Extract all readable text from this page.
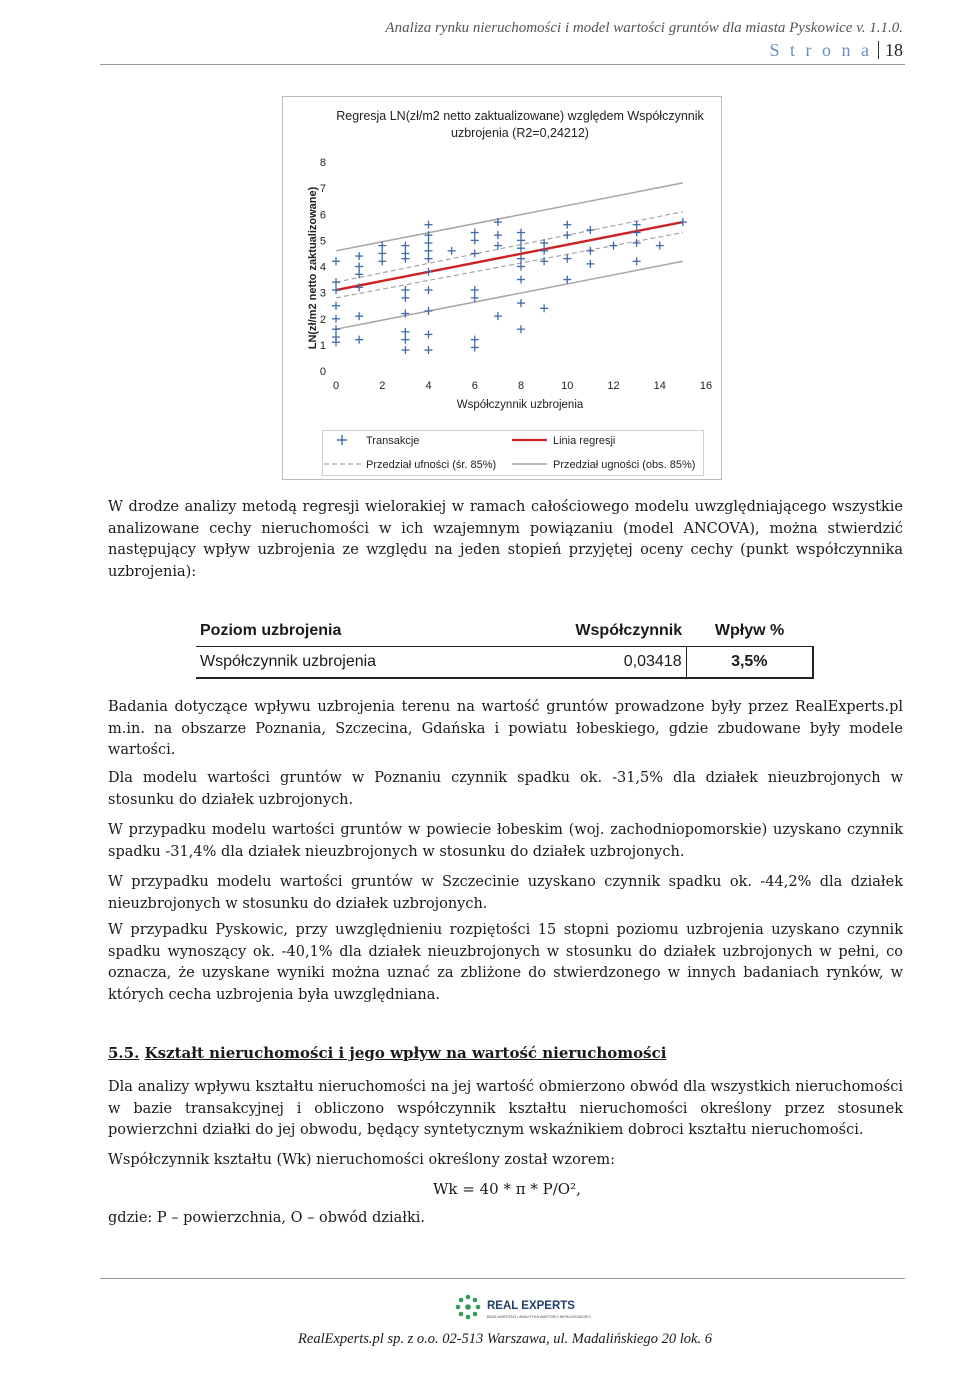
Analiza rynku nieruchomości i model wartości gruntów dla miasta Pyskowice v. 1.1.0.
S t r o n a 18
Regresja LN(zł/m2 netto zaktualizowane) względem Współczynnik uzbrojenia (R2=0,24212)
0
1
2
3
4
5
6
7
8
0	2	4	6	8	10	12	14	16
Współczynnik uzbrojenia
LN(zł/m2 netto zaktualizowane)
Transakcje	Linia regresji
Przedział ufności (śr. 85%)	Przedział ugności (obs. 85%)

W drodze analizy metodą regresji wielorakiej w ramach całościowego modelu uwzględniającego wszystkie analizowane cechy nieruchomości w ich wzajemnym powiązaniu (model ANCOVA), można stwierdzić następujący wpływ uzbrojenia ze względu na jeden stopień przyjętej oceny cechy (punkt współczynnika uzbrojenia):

Poziom uzbrojenia	Współczynnik	Wpływ %
Współczynnik uzbrojenia	0,03418	3,5%

Badania dotyczące wpływu uzbrojenia terenu na wartość gruntów prowadzone były przez RealExperts.pl m.in. na obszarze Poznania, Szczecina, Gdańska i powiatu łobeskiego, gdzie zbudowane były modele wartości.

Dla modelu wartości gruntów w Poznaniu czynnik spadku ok. -31,5% dla działek nieuzbrojonych w stosunku do działek uzbrojonych.

W przypadku modelu wartości gruntów w powiecie łobeskim (woj. zachodniopomorskie) uzyskano czynnik spadku -31,4% dla działek nieuzbrojonych w stosunku do działek uzbrojonych.

W przypadku modelu wartości gruntów w Szczecinie uzyskano czynnik spadku ok. -44,2% dla działek nieuzbrojonych w stosunku do działek uzbrojonych.

W przypadku Pyskowic, przy uwzględnieniu rozpiętości 15 stopni poziomu uzbrojenia uzyskano czynnik spadku wynoszący ok. -40,1% dla działek nieuzbrojonych w stosunku do działek uzbrojonych w pełni, co oznacza, że uzyskane wyniki można uznać za zbliżone do stwierdzonego w innych badaniach rynków, w których cecha uzbrojenia była uwzględniana.

5.5. Kształt nieruchomości i jego wpływ na wartość nieruchomości

Dla analizy wpływu kształtu nieruchomości na jej wartość obmierzono obwód dla wszystkich nieruchomości w bazie transakcyjnej i obliczono współczynnik kształtu nieruchomości określony przez stosunek powierzchni działki do jej obwodu, będący syntetycznym wskaźnikiem dobroci kształtu nieruchomości.

Współczynnik kształtu (Wk) nieruchomości określony został wzorem:

Wk = 40 * π * P/O²,
gdzie: P – powierzchnia, O – obwód działki.
REAL EXPERTS
BAZA WARTOŚCI I ANALITYKA WARTOŚCI NIERUCHOMOŚCI
RealExperts.pl sp. z o.o. 02-513 Warszawa, ul. Madalińskiego 20 lok. 6
